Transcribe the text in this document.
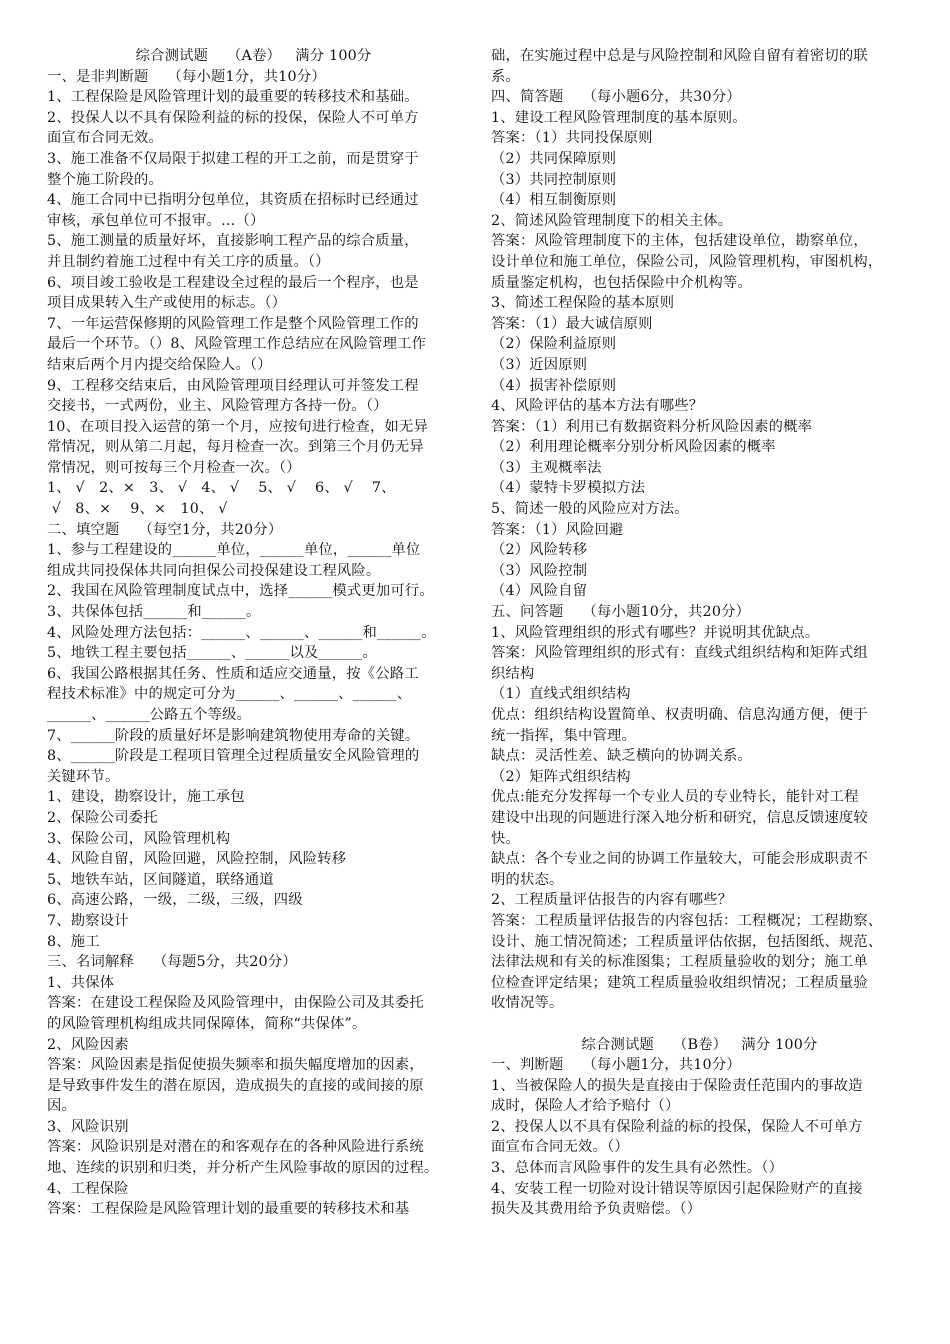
综合测试题    （A卷）   满分 100分
一、是非判断题    （每小题1分，共10分）
1、工程保险是风险管理计划的最重要的转移技术和基础。
2、投保人以不具有保险利益的标的投保，保险人不可单方
面宣布合同无效。
3、施工准备不仅局限于拟建工程的开工之前，而是贯穿于
整个施工阶段的。
4、施工合同中已指明分包单位，其资质在招标时已经通过
审核，承包单位可不报审。…（）
5、施工测量的质量好坏，直接影响工程产品的综合质量，
并且制约着施工过程中有关工序的质量。（）
6、项目竣工验收是工程建设全过程的最后一个程序，也是
项目成果转入生产或使用的标志。（）
7、一年运营保修期的风险管理工作是整个风险管理工作的
最后一个环节。（）8、风险管理工作总结应在风险管理工作
结束后两个月内提交给保险人。（）
9、工程移交结束后，由风险管理项目经理认可并签发工程
交接书，一式两份，业主、风险管理方各持一份。（）
10、在项目投入运营的第一个月，应按旬进行检查，如无异
常情况，则从第二月起，每月检查一次。到第三个月仍无异
常情况，则可按每三个月检查一次。（）
1、 √   2、×   3、 √   4、 √    5、 √    6、 √    7、
√   8、×    9、×   10、 √
二、填空题    （每空1分，共20分）
1、参与工程建设的______单位，______单位，______单位
组成共同投保体共同向担保公司投保建设工程风险。
2、我国在风险管理制度试点中，选择______模式更加可行。
3、共保体包括______和______。
4、风险处理方法包括：______、______、______和______。
5、地铁工程主要包括______、______以及______。
6、我国公路根据其任务、性质和适应交通量，按《公路工
程技术标准》中的规定可分为______、______、______、
______、______公路五个等级。
7、______阶段的质量好坏是影响建筑物使用寿命的关键。
8、______阶段是工程项目管理全过程质量安全风险管理的
关键环节。
1、建设，勘察设计，施工承包
2、保险公司委托
3、保险公司，风险管理机构
4、风险自留，风险回避，风险控制，风险转移
5、地铁车站，区间隧道，联络通道
6、高速公路，一级，二级，三级，四级
7、勘察设计
8、施工
三、名词解释    （每题5分，共20分）
1、共保体
答案：在建设工程保险及风险管理中，由保险公司及其委托
的风险管理机构组成共同保障体，简称“共保体”。
2、风险因素
答案：风险因素是指促使损失频率和损失幅度增加的因素，
是导致事件发生的潜在原因，造成损失的直接的或间接的原
因。
3、风险识别
答案：风险识别是对潜在的和客观存在的各种风险进行系统
地、连续的识别和归类，并分析产生风险事故的原因的过程。
4、工程保险
答案：工程保险是风险管理计划的最重要的转移技术和基
础，在实施过程中总是与风险控制和风险自留有着密切的联
系。
四、简答题    （每小题6分，共30分）
1、建设工程风险管理制度的基本原则。
答案：（1）共同投保原则
（2）共同保障原则
（3）共同控制原则
（4）相互制衡原则
2、简述风险管理制度下的相关主体。
答案：风险管理制度下的主体，包括建设单位，勘察单位，
设计单位和施工单位，保险公司，风险管理机构，审图机构，
质量鉴定机构，也包括保险中介机构等。
3、简述工程保险的基本原则
答案：（1）最大诚信原则
（2）保险利益原则
（3）近因原则
（4）损害补偿原则
4、风险评估的基本方法有哪些？
答案：（1）利用已有数据资料分析风险因素的概率
（2）利用理论概率分别分析风险因素的概率
（3）主观概率法
（4）蒙特卡罗模拟方法
5、简述一般的风险应对方法。
答案：（1）风险回避
（2）风险转移
（3）风险控制
（4）风险自留
五、问答题    （每小题10分，共20分）
1、风险管理组织的形式有哪些？并说明其优缺点。
答案：风险管理组织的形式有：直线式组织结构和矩阵式组
织结构
（1）直线式组织结构
优点：组织结构设置简单、权责明确、信息沟通方便，便于
统一指挥，集中管理。
缺点：灵活性差、缺乏横向的协调关系。
（2）矩阵式组织结构
优点:能充分发挥每一个专业人员的专业特长，能针对工程
建设中出现的问题进行深入地分析和研究，信息反馈速度较
快。
缺点：各个专业之间的协调工作量较大，可能会形成职责不
明的状态。
2、工程质量评估报告的内容有哪些？
答案：工程质量评估报告的内容包括：工程概况；工程勘察、
设计、施工情况简述；工程质量评估依据，包括图纸、规范、
法律法规和有关的标准图集；工程质量验收的划分；施工单
位检查评定结果；建筑工程质量验收组织情况；工程质量验
收情况等。
综合测试题    （B卷）   满分 100分
一、判断题    （每小题1分，共10分）
1、当被保险人的损失是直接由于保险责任范围内的事故造
成时，保险人才给予赔付（）
2、投保人以不具有保险利益的标的投保，保险人不可单方
面宣布合同无效。（）
3、总体而言风险事件的发生具有必然性。（）
4、安装工程一切险对设计错误等原因引起保险财产的直接
损失及其费用给予负责赔偿。（）
